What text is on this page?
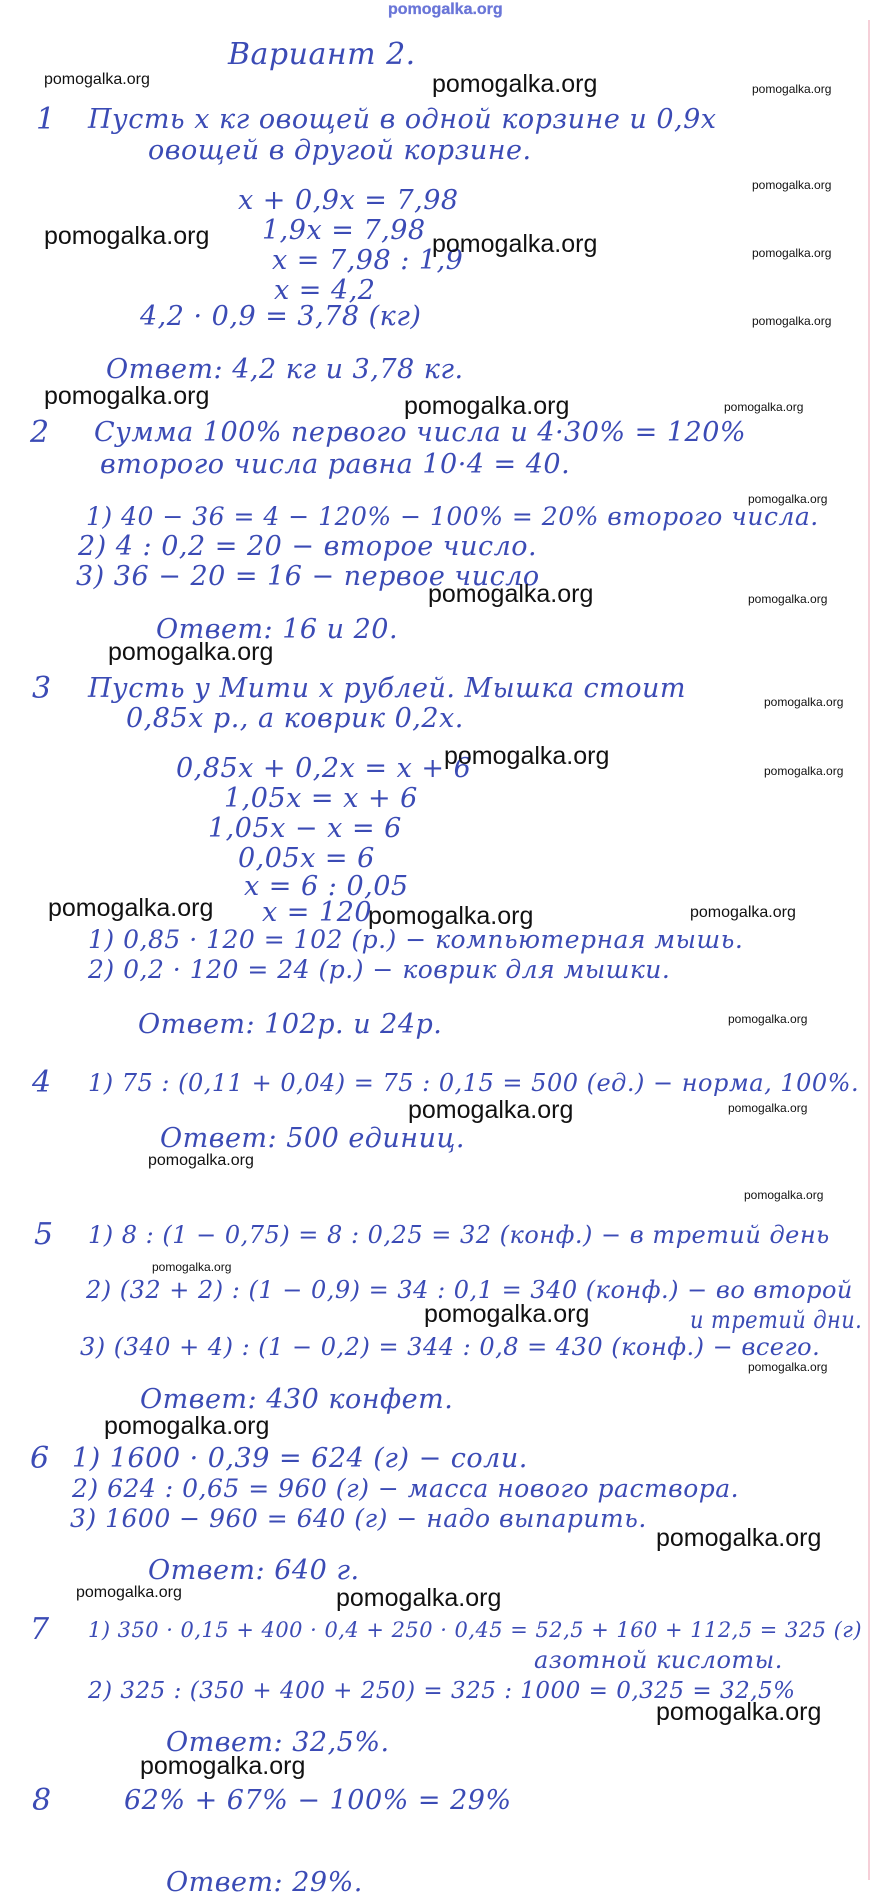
Вариант 2.
1 Пусть х кг овощей в одной корзине и 0,9х
овощей в другой корзине.
х + 0,9х = 7,98
1,9х = 7,98
х = 7,98 : 1,9
х = 4,2
4,2 · 0,9 = 3,78 (кг)
Ответ: 4,2 кг и 3,78 кг.
2 Сумма 100% первого числа и 4·30% = 120%
второго числа равна 10·4 = 40.
1) 40 − 36 = 4 − 120% − 100% = 20% второго числа.
2) 4 : 0,2 = 20 − второе число.
3) 36 − 20 = 16 − первое число
Ответ: 16 и 20.
3 Пусть у Мити х рублей. Мышка стоит
0,85х р., а коврик 0,2х.
0,85х + 0,2х = х + 6
1,05х = х + 6
1,05х − х = 6
0,05х = 6
х = 6 : 0,05
х = 120
1) 0,85 · 120 = 102 (р.) − компьютерная мышь.
2) 0,2 · 120 = 24 (р.) − коврик для мышки.
Ответ: 102р. и 24р.
4 1) 75 : (0,11 + 0,04) = 75 : 0,15 = 500 (ед.) − норма, 100%.
Ответ: 500 единиц.
5 1) 8 : (1 − 0,75) = 8 : 0,25 = 32 (конф.) − в третий день
2) (32 + 2) : (1 − 0,9) = 34 : 0,1 = 340 (конф.) − во второй
и третий дни.
3) (340 + 4) : (1 − 0,2) = 344 : 0,8 = 430 (конф.) − всего.
Ответ: 430 конфет.
6 1) 1600 · 0,39 = 624 (г) − соли.
2) 624 : 0,65 = 960 (г) − масса нового раствора.
3) 1600 − 960 = 640 (г) − надо выпарить.
Ответ: 640 г.
7 1) 350 · 0,15 + 400 · 0,4 + 250 · 0,45 = 52,5 + 160 + 112,5 = 325 (г)
азотной кислоты.
2) 325 : (350 + 400 + 250) = 325 : 1000 = 0,325 = 32,5%
Ответ: 32,5%.
8	62% + 67% − 100% = 29%
Ответ: 29%.
pomogalka.org
pomogalka.org	pomogalka.org	pomogalka.org
pomogalka.org
pomogalka.org	pomogalka.org	pomogalka.org
pomogalka.org
pomogalka.org	pomogalka.org	pomogalka.org
pomogalka.org
pomogalka.org	pomogalka.org
pomogalka.org
pomogalka.org
pomogalka.org
pomogalka.org
pomogalka.org	pomogalka.org	pomogalka.org
pomogalka.org
pomogalka.org	pomogalka.org
pomogalka.org
pomogalka.org
pomogalka.org
pomogalka.org
pomogalka.org
pomogalka.org
pomogalka.org
pomogalka.org	pomogalka.org
pomogalka.org
pomogalka.org
